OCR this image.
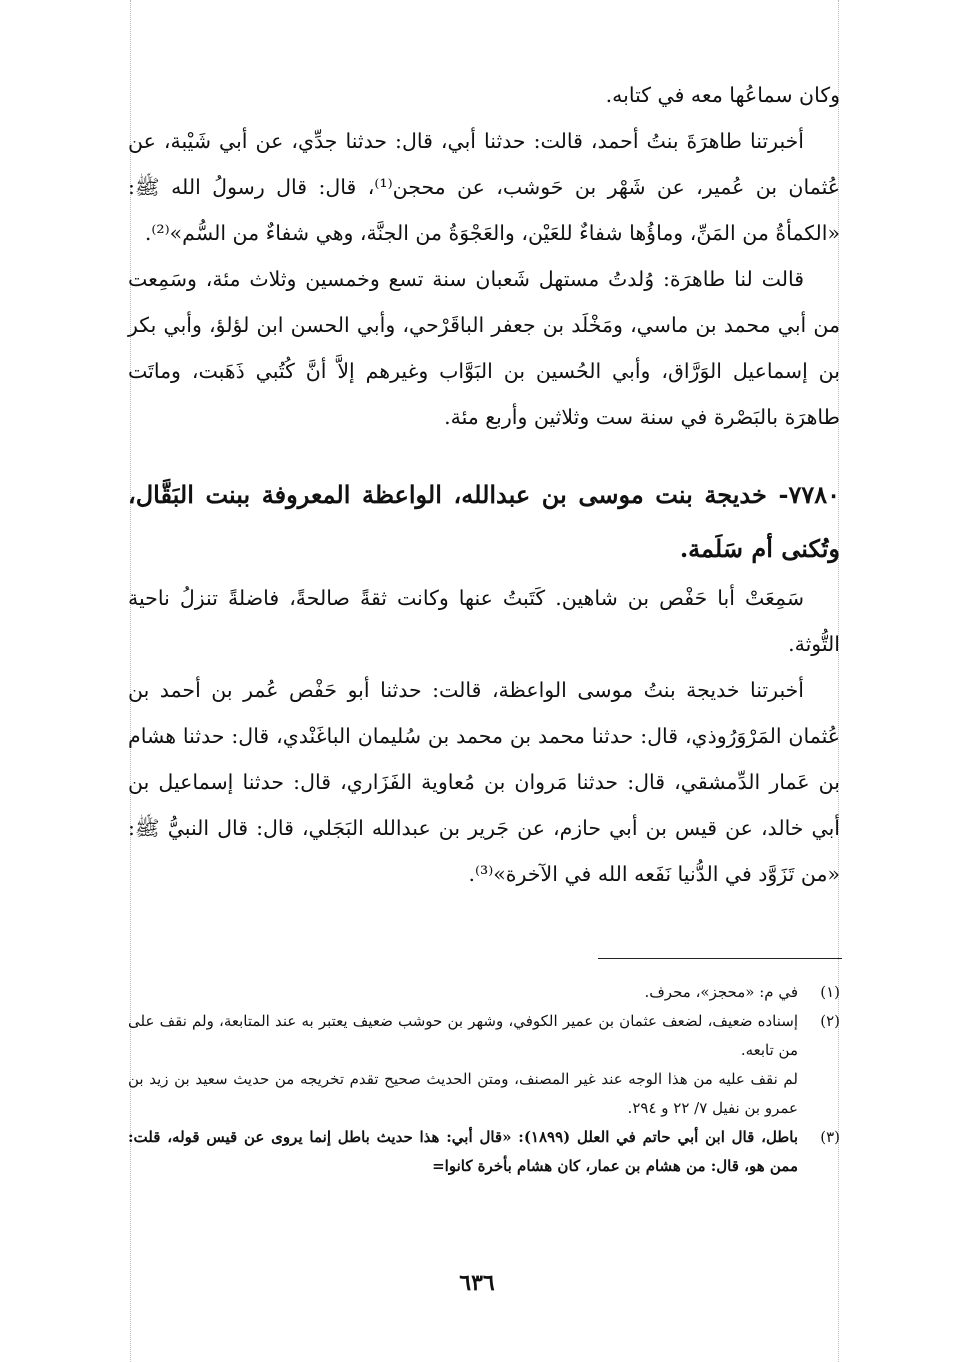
وكان سماعُها معه في كتابه.

أخبرتنا طاهرَةَ بنتُ أحمد، قالت: حدثنا أبي، قال: حدثنا جدِّي، عن أبي شَيْبة، عن عُثمان بن عُمير، عن شَهْر بن حَوشب، عن محجن⁽¹⁾، قال: قال رسولُ الله ﷺ: «الكمأةُ من المَنِّ، وماؤُها شفاءٌ للعَيْن، والعَجْوَةُ من الجنَّة، وهي شفاءٌ من السُّم»⁽²⁾.

قالت لنا طاهرَة: وُلدتُ مستهل شَعبان سنة تسع وخمسين وثلاث مئة، وسَمِعت من أبي محمد بن ماسي، ومَخْلَد بن جعفر الباقَرْحي، وأبي الحسن ابن لؤلؤ، وأبي بكر بن إسماعيل الوَرَّاق، وأبي الحُسين بن البَوَّاب وغيرهم إلاَّ أنَّ كُتُبي ذَهَبت، وماتَت طاهرَة بالبَصْرة في سنة ست وثلاثين وأربع مئة.

٧٧٨٠- خديجة بنت موسى بن عبدالله، الواعظة المعروفة ببنت البَقَّال، وتُكنى أم سَلَمة.

سَمِعَتْ أبا حَفْص بن شاهين. كَتَبتُ عنها وكانت ثقةً صالحةً، فاضلةً تنزلُ ناحية التُّوثة.

أخبرتنا خديجة بنتُ موسى الواعظة، قالت: حدثنا أبو حَفْص عُمر بن أحمد بن عُثمان المَرْوَرُوذي، قال: حدثنا محمد بن محمد بن سُليمان الباغَنْدي، قال: حدثنا هشام بن عَمار الدِّمشقي، قال: حدثنا مَروان بن مُعاوية الفَزَاري، قال: حدثنا إسماعيل بن أبي خالد، عن قيس بن أبي حازم، عن جَرير بن عبدالله البَجَلي، قال: قال النبيُّ ﷺ: «من تَزَوَّد في الدُّنيا نَفَعه الله في الآخرة»⁽³⁾.

(١)

في م: «محجز»، محرف.

(٢)

إسناده ضعيف، لضعف عثمان بن عمير الكوفي، وشهر بن حوشب ضعيف يعتبر به عند المتابعة، ولم نقف على من تابعه.

لم نقف عليه من هذا الوجه عند غير المصنف، ومتن الحديث صحيح تقدم تخريجه من حديث سعيد بن زيد بن عمرو بن نفيل ٧/ ٢٢ و ٢٩٤.

(٣)

باطل، قال ابن أبي حاتم في العلل (١٨٩٩): «قال أبي: هذا حديث باطل إنما يروى عن قيس قوله، قلت: ممن هو، قال: من هشام بن عمار، كان هشام بأخرة كانوا=

٦٣٦
